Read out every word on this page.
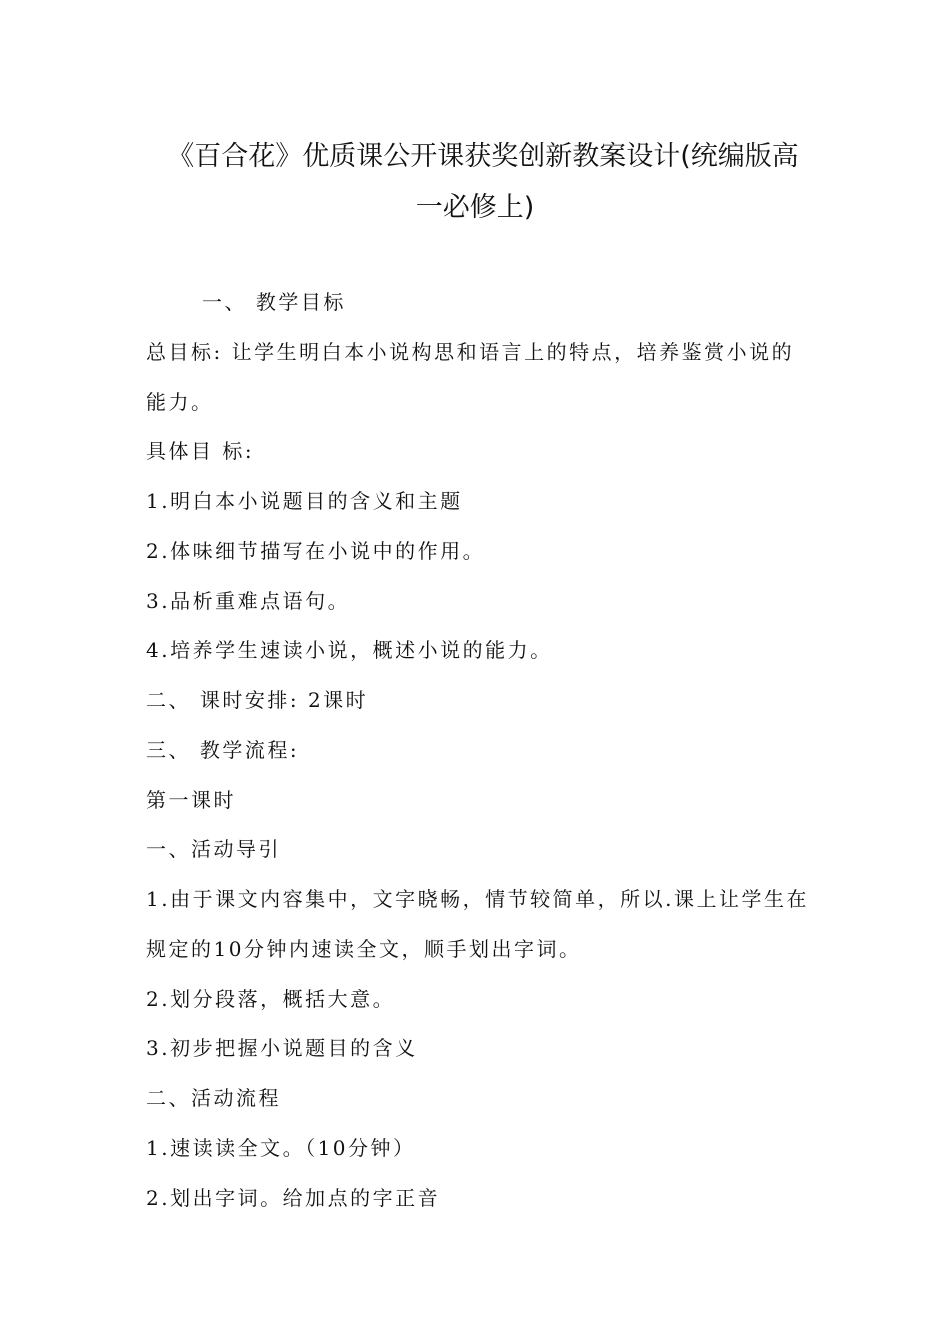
《百合花》优质课公开课获奖创新教案设计(统编版高
一必修上)
一、 教学目标
总目标: 让学生明白本小说构思和语言上的特点，培养鉴赏小说的
能力。
具体目 标:
1.明白本小说题目的含义和主题
2.体味细节描写在小说中的作用。
3.品析重难点语句。
4.培养学生速读小说，概述小说的能力。
二、 课时安排: 2课时
三、 教学流程:
第一课时
一、活动导引
1.由于课文内容集中，文字晓畅，情节较简单，所以.课上让学生在
规定的10分钟内速读全文，顺手划出字词。
2.划分段落，概括大意。
3.初步把握小说题目的含义
二、活动流程
1.速读读全文。（10分钟）
2.划出字词。给加点的字正音
